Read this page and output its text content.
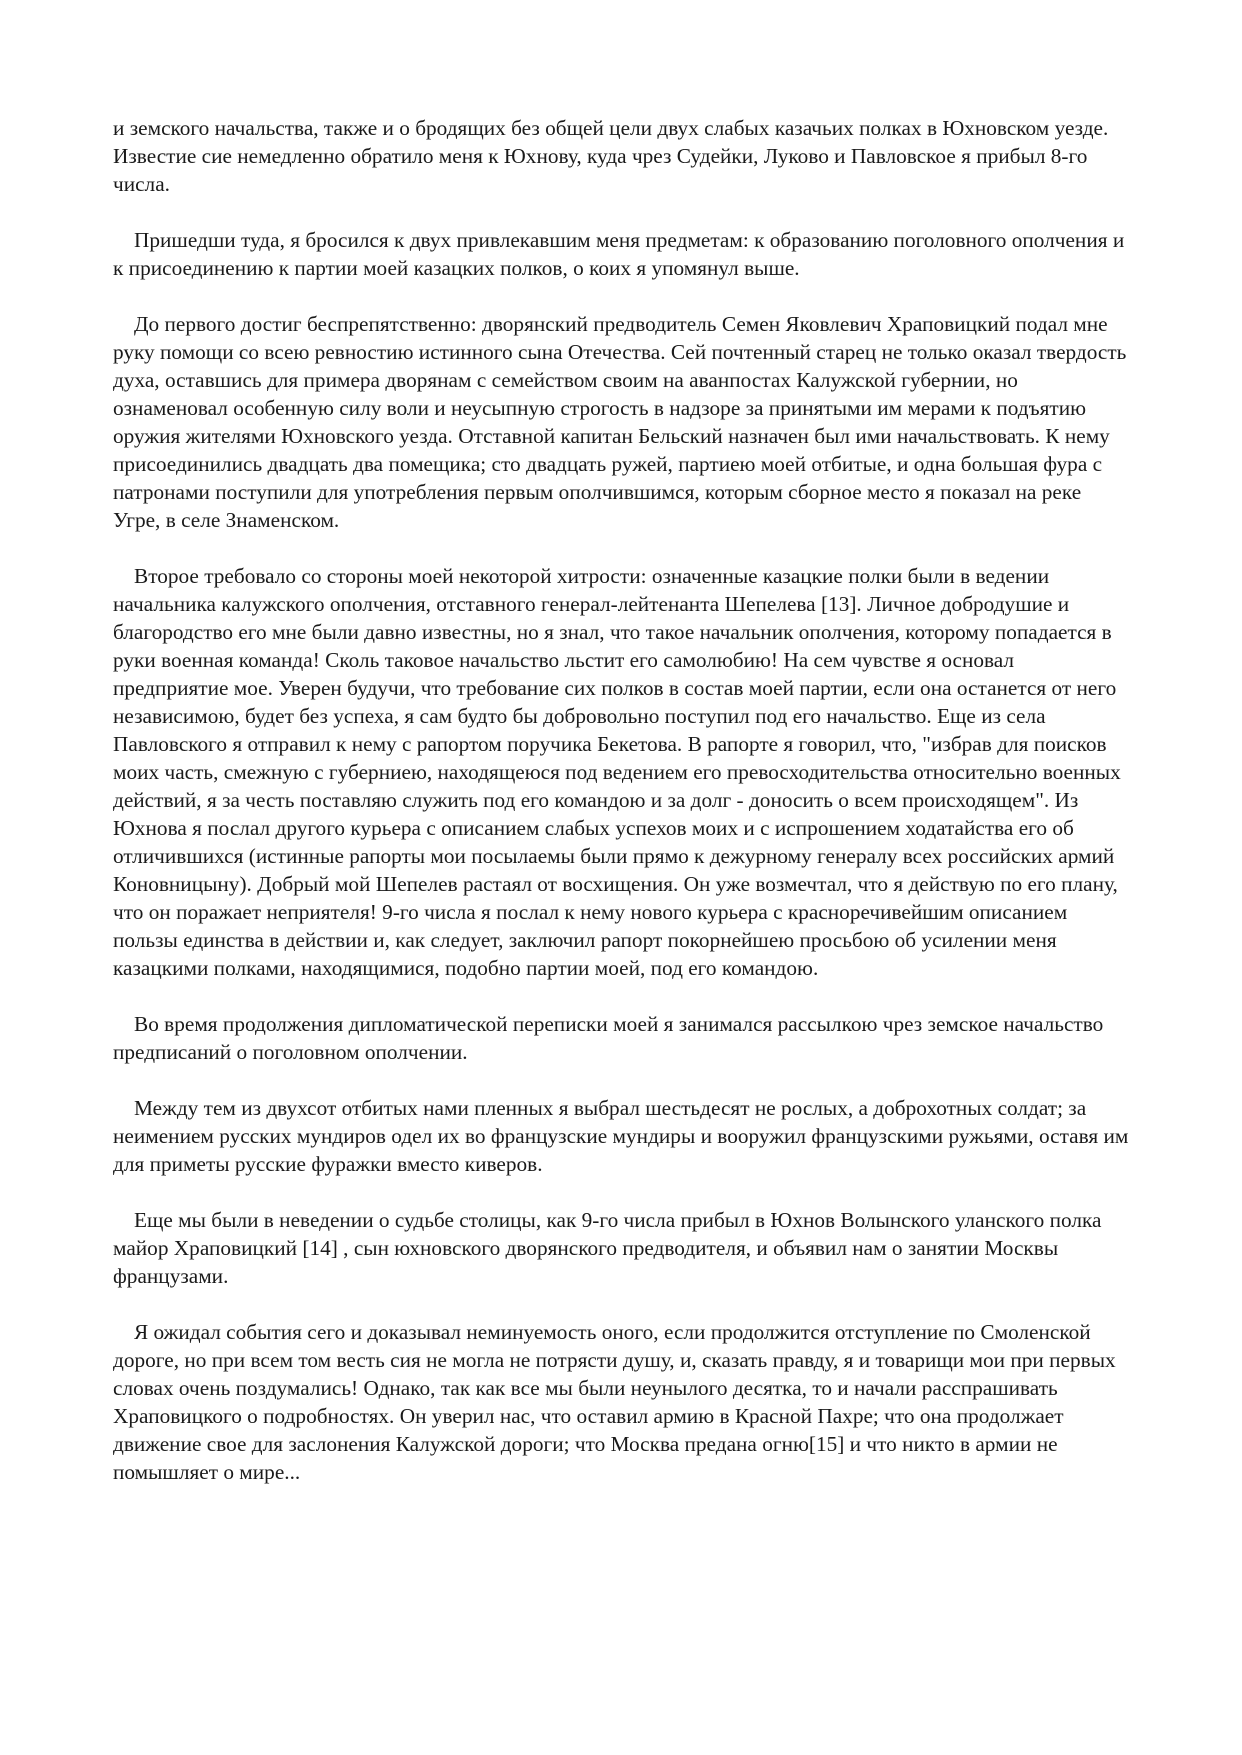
и земского начальства, также и о бродящих без общей цели двух слабых казачьих полках в Юхновском уезде. Известие сие немедленно обратило меня к Юхнову, куда чрез Судейки, Луково и Павловское я прибыл 8-го числа.

Пришедши туда, я бросился к двух привлекавшим меня предметам: к образованию поголовного ополчения и к присоединению к партии моей казацких полков, о коих я упомянул выше.

До первого достиг беспрепятственно: дворянский предводитель Семен Яковлевич Храповицкий подал мне руку помощи со всею ревностию истинного сына Отечества. Сей почтенный старец не только оказал твердость духа, оставшись для примера дворянам с семейством своим на аванпостах Калужской губернии, но ознаменовал особенную силу воли и неусыпную строгость в надзоре за принятыми им мерами к подъятию оружия жителями Юхновского уезда. Отставной капитан Бельский назначен был ими начальствовать. К нему присоединились двадцать два помещика; сто двадцать ружей, партиею моей отбитые, и одна большая фура с патронами поступили для употребления первым ополчившимся, которым сборное место я показал на реке Угре, в селе Знаменском.

Второе требовало со стороны моей некоторой хитрости: означенные казацкие полки были в ведении начальника калужского ополчения, отставного генерал-лейтенанта Шепелева [13]. Личное добродушие и благородство его мне были давно известны, но я знал, что такое начальник ополчения, которому попадается в руки военная команда! Сколь таковое начальство льстит его самолюбию! На сем чувстве я основал предприятие мое. Уверен будучи, что требование сих полков в состав моей партии, если она останется от него независимою, будет без успеха, я сам будто бы добровольно поступил под его начальство. Еще из села Павловского я отправил к нему с рапортом поручика Бекетова. В рапорте я говорил, что, "избрав для поисков моих часть, смежную с губерниею, находящеюся под ведением его превосходительства относительно военных действий, я за честь поставляю служить под его командою и за долг - доносить о всем происходящем". Из Юхнова я послал другого курьера с описанием слабых успехов моих и с испрошением ходатайства его об отличившихся (истинные рапорты мои посылаемы были прямо к дежурному генералу всех российских армий Коновницыну). Добрый мой Шепелев растаял от восхищения. Он уже возмечтал, что я действую по его плану, что он поражает неприятеля! 9-го числа я послал к нему нового курьера с красноречивейшим описанием пользы единства в действии и, как следует, заключил рапорт покорнейшею просьбою об усилении меня казацкими полками, находящимися, подобно партии моей, под его командою.

Во время продолжения дипломатической переписки моей я занимался рассылкою чрез земское начальство предписаний о поголовном ополчении.

Между тем из двухсот отбитых нами пленных я выбрал шестьдесят не рослых, а доброхотных солдат; за неимением русских мундиров одел их во французские мундиры и вооружил французскими ружьями, оставя им для приметы русские фуражки вместо киверов.

Еще мы были в неведении о судьбе столицы, как 9-го числа прибыл в Юхнов Волынского уланского полка майор Храповицкий [14] , сын юхновского дворянского предводителя, и объявил нам о занятии Москвы французами.

Я ожидал события сего и доказывал неминуемость оного, если продолжится отступление по Смоленской дороге, но при всем том весть сия не могла не потрясти душу, и, сказать правду, я и товарищи мои при первых словах очень поздумались! Однако, так как все мы были неунылого десятка, то и начали расспрашивать Храповицкого о подробностях. Он уверил нас, что оставил армию в Красной Пахре; что она продолжает движение свое для заслонения Калужской дороги; что Москва предана огню[15] и что никто в армии не помышляет о мире...
